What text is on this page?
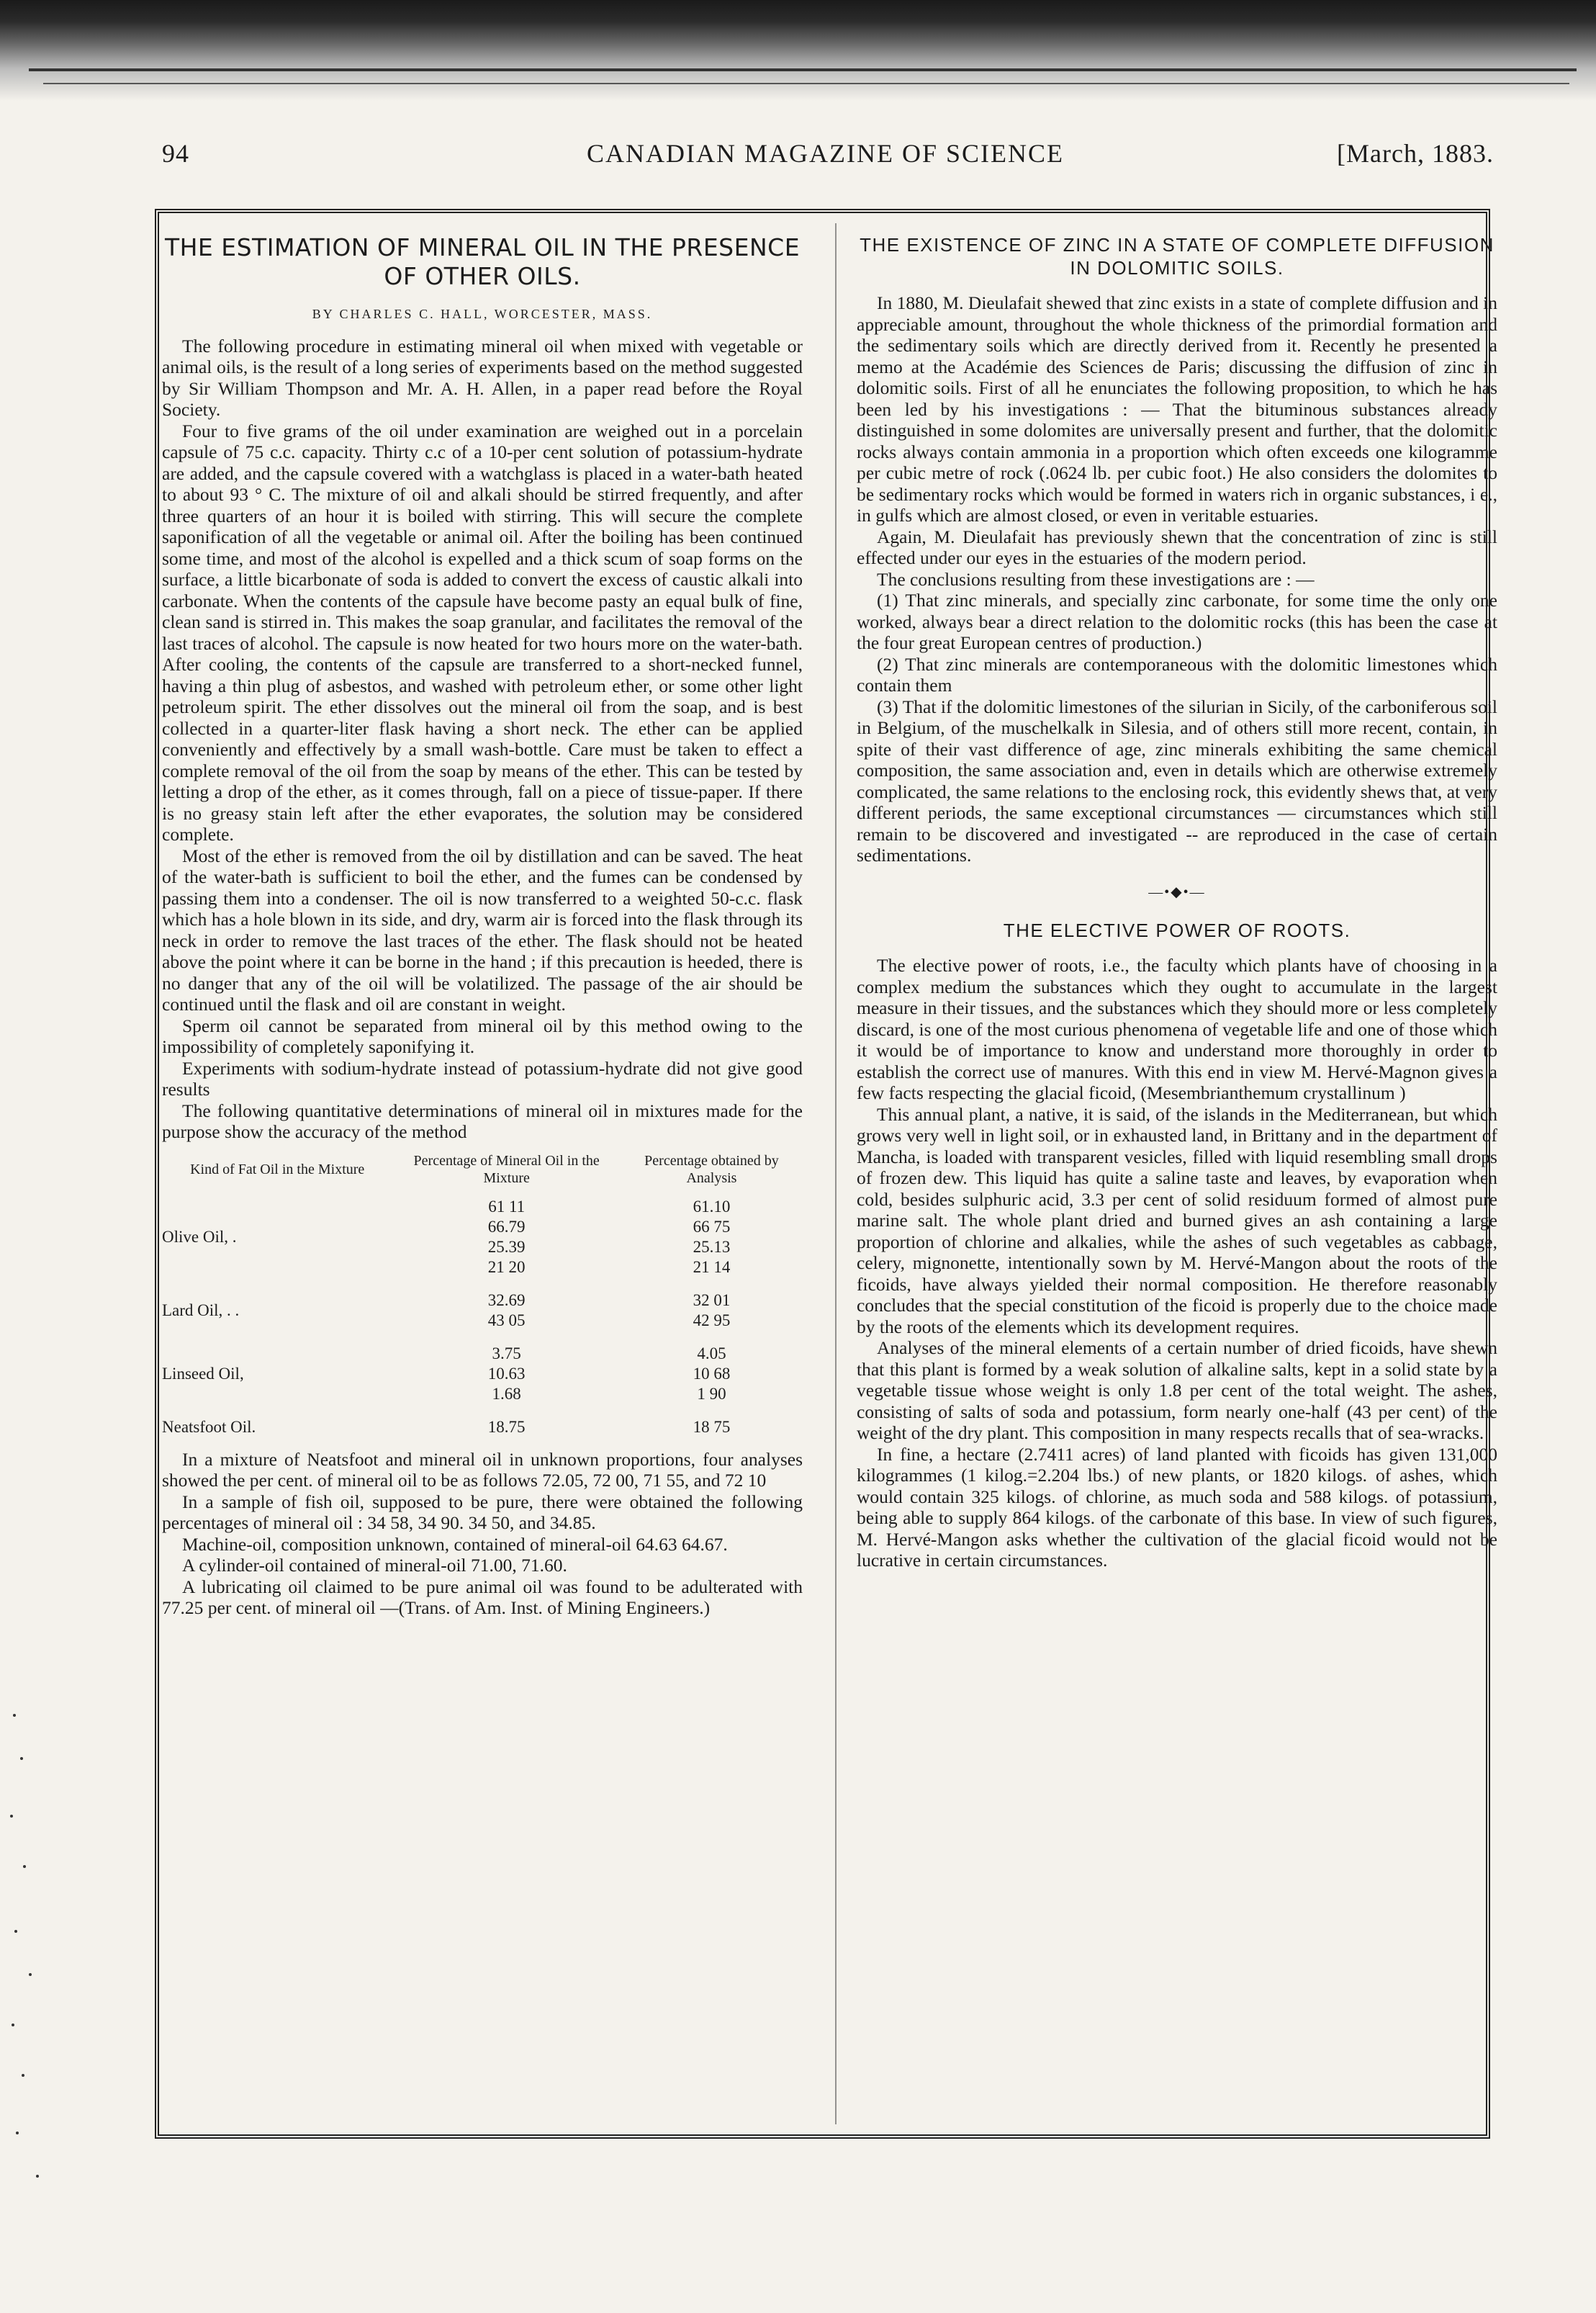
94	CANADIAN MAGAZINE OF SCIENCE	[March, 1883.
THE ESTIMATION OF MINERAL OIL IN THE PRESENCE OF OTHER OILS.
BY CHARLES C. HALL, WORCESTER, MASS.

The following procedure in estimating mineral oil when mixed with vegetable or animal oils, is the result of a long series of experiments based on the method suggested by Sir William Thompson and Mr. A. H. Allen, in a paper read before the Royal Society.

Four to five grams of the oil under examination are weighed out in a porcelain capsule of 75 c.c. capacity. Thirty c.c of a 10-per cent solution of potassium-hydrate are added, and the capsule covered with a watchglass is placed in a water-bath heated to about 93 ° C. The mixture of oil and alkali should be stirred frequently, and after three quarters of an hour it is boiled with stirring. This will secure the complete saponification of all the vegetable or animal oil. After the boiling has been continued some time, and most of the alcohol is expelled and a thick scum of soap forms on the surface, a little bicarbonate of soda is added to convert the excess of caustic alkali into carbonate. When the contents of the capsule have become pasty an equal bulk of fine, clean sand is stirred in. This makes the soap granular, and facilitates the removal of the last traces of alcohol. The capsule is now heated for two hours more on the water-bath. After cooling, the contents of the capsule are transferred to a short-necked funnel, having a thin plug of asbestos, and washed with petroleum ether, or some other light petroleum spirit. The ether dissolves out the mineral oil from the soap, and is best collected in a quarter-liter flask having a short neck. The ether can be applied conveniently and effectively by a small wash-bottle. Care must be taken to effect a complete removal of the oil from the soap by means of the ether. This can be tested by letting a drop of the ether, as it comes through, fall on a piece of tissue-paper. If there is no greasy stain left after the ether evaporates, the solution may be considered complete.

Most of the ether is removed from the oil by distillation and can be saved. The heat of the water-bath is sufficient to boil the ether, and the fumes can be condensed by passing them into a condenser. The oil is now transferred to a weighted 50-c.c. flask which has a hole blown in its side, and dry, warm air is forced into the flask through its neck in order to remove the last traces of the ether. The flask should not be heated above the point where it can be borne in the hand ; if this precaution is heeded, there is no danger that any of the oil will be volatilized. The passage of the air should be continued until the flask and oil are constant in weight.

Sperm oil cannot be separated from mineral oil by this method owing to the impossibility of completely saponifying it.

Experiments with sodium-hydrate instead of potassium-hydrate did not give good results

The following quantitative determinations of mineral oil in mixtures made for the purpose show the accuracy of the method

Kind of Fat Oil in the Mixture	Percentage of Mineral Oil in the Mixture	Percentage obtained by Analysis
Olive Oil, .	61 11	61.10
	66.79	66 75
	25.39	25.13
	21 20	21 14

Lard Oil, . .	32.69	32 01
	43 05	42 95

Linseed Oil,	3.75	4.05
	10.63	10 68
	1.68	1 90

Neatsfoot Oil.	18.75	18 75

In a mixture of Neatsfoot and mineral oil in unknown proportions, four analyses showed the per cent. of mineral oil to be as follows 72.05, 72 00, 71 55, and 72 10

In a sample of fish oil, supposed to be pure, there were obtained the following percentages of mineral oil : 34 58, 34 90. 34 50, and 34.85.

Machine-oil, composition unknown, contained of mineral-oil 64.63 64.67.

A cylinder-oil contained of mineral-oil 71.00, 71.60.

A lubricating oil claimed to be pure animal oil was found to be adulterated with 77.25 per cent. of mineral oil —(Trans. of Am. Inst. of Mining Engineers.)

THE EXISTENCE OF ZINC IN A STATE OF COMPLETE DIFFUSION IN DOLOMITIC SOILS.

In 1880, M. Dieulafait shewed that zinc exists in a state of complete diffusion and in appreciable amount, throughout the whole thickness of the primordial formation and the sedimentary soils which are directly derived from it. Recently he presented a memo at the Académie des Sciences de Paris; discussing the diffusion of zinc in dolomitic soils. First of all he enunciates the following proposition, to which he has been led by his investigations : — That the bituminous substances already distinguished in some dolomites are universally present and further, that the dolomitic rocks always contain ammonia in a proportion which often exceeds one kilogramme per cubic metre of rock (.0624 lb. per cubic foot.) He also considers the dolomites to be sedimentary rocks which would be formed in waters rich in organic substances, i e., in gulfs which are almost closed, or even in veritable estuaries.

Again, M. Dieulafait has previously shewn that the concentration of zinc is still effected under our eyes in the estuaries of the modern period.

The conclusions resulting from these investigations are : —

(1) That zinc minerals, and specially zinc carbonate, for some time the only one worked, always bear a direct relation to the dolomitic rocks (this has been the case at the four great European centres of production.)

(2) That zinc minerals are contemporaneous with the dolomitic limestones which contain them

(3) That if the dolomitic limestones of the silurian in Sicily, of the carboniferous soil in Belgium, of the muschelkalk in Silesia, and of others still more recent, contain, in spite of their vast difference of age, zinc minerals exhibiting the same chemical composition, the same association and, even in details which are otherwise extremely complicated, the same relations to the enclosing rock, this evidently shews that, at very different periods, the same exceptional circumstances — circumstances which still remain to be discovered and investigated -- are reproduced in the case of certain sedimentations.

—•◆•—
THE ELECTIVE POWER OF ROOTS.

The elective power of roots, i.e., the faculty which plants have of choosing in a complex medium the substances which they ought to accumulate in the largest measure in their tissues, and the substances which they should more or less completely discard, is one of the most curious phenomena of vegetable life and one of those which it would be of importance to know and understand more thoroughly in order to establish the correct use of manures. With this end in view M. Hervé-Magnon gives a few facts respecting the glacial ficoid, (Mesembrianthemum crystallinum )

This annual plant, a native, it is said, of the islands in the Mediterranean, but which grows very well in light soil, or in exhausted land, in Brittany and in the department of Mancha, is loaded with transparent vesicles, filled with liquid resembling small drops of frozen dew. This liquid has quite a saline taste and leaves, by evaporation when cold, besides sulphuric acid, 3.3 per cent of solid residuum formed of almost pure marine salt. The whole plant dried and burned gives an ash containing a large proportion of chlorine and alkalies, while the ashes of such vegetables as cabbage, celery, mignonette, intentionally sown by M. Hervé-Mangon about the roots of the ficoids, have always yielded their normal composition. He therefore reasonably concludes that the special constitution of the ficoid is properly due to the choice made by the roots of the elements which its development requires.

Analyses of the mineral elements of a certain number of dried ficoids, have shewn that this plant is formed by a weak solution of alkaline salts, kept in a solid state by a vegetable tissue whose weight is only 1.8 per cent of the total weight. The ashes, consisting of salts of soda and potassium, form nearly one-half (43 per cent) of the weight of the dry plant. This composition in many respects recalls that of sea-wracks.

In fine, a hectare (2.7411 acres) of land planted with ficoids has given 131,000 kilogrammes (1 kilog.=2.204 lbs.) of new plants, or 1820 kilogs. of ashes, which would contain 325 kilogs. of chlorine, as much soda and 588 kilogs. of potassium, being able to supply 864 kilogs. of the carbonate of this base. In view of such figures, M. Hervé-Mangon asks whether the cultivation of the glacial ficoid would not be lucrative in certain circumstances.
